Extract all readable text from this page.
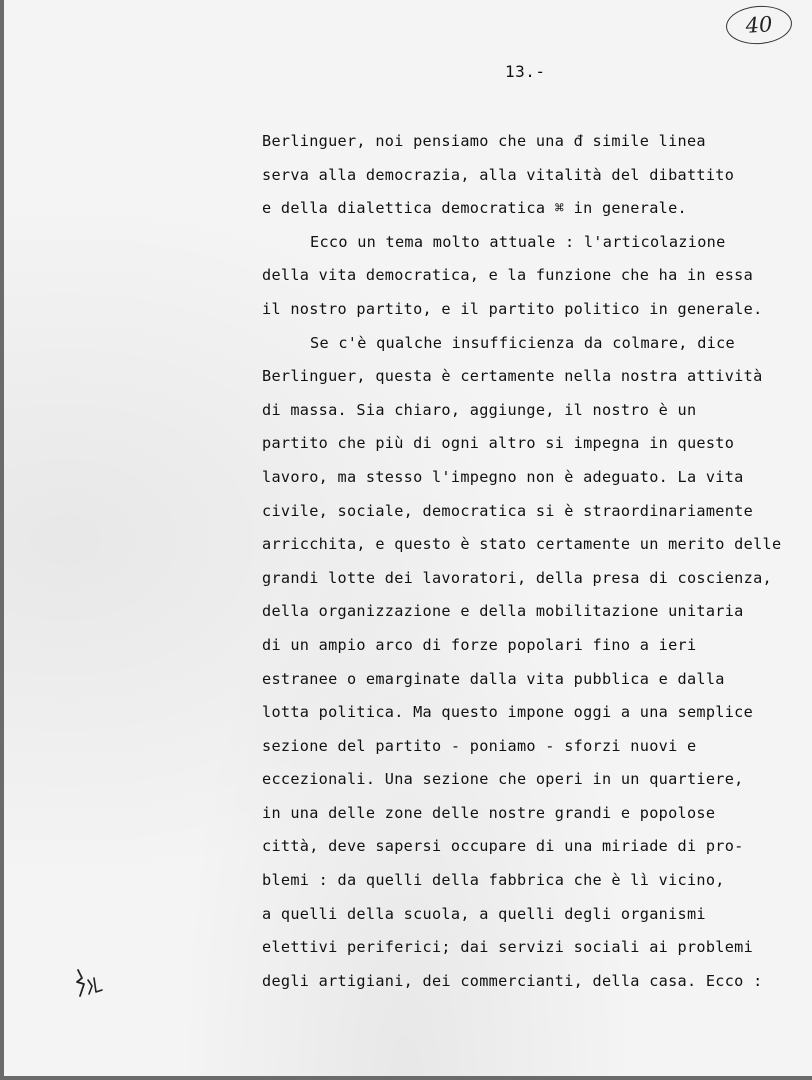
40
13.-
Berlinguer, noi pensiamo che una đ simile linea
serva alla democrazia, alla vitalità del dibattito
e della dialettica democratica ⌘ in generale.
Ecco un tema molto attuale : l'articolazione
della vita democratica, e la funzione che ha in essa
il nostro partito, e il partito politico in generale.
Se c'è qualche insufficienza da colmare, dice
Berlinguer, questa è certamente nella nostra attività
di massa. Sia chiaro, aggiunge, il nostro è un
partito che più di ogni altro si impegna in questo
lavoro, ma stesso l'impegno non è adeguato. La vita
civile, sociale, democratica si è straordinariamente
arricchita, e questo è stato certamente un merito delle
grandi lotte dei lavoratori, della presa di coscienza,
della organizzazione e della mobilitazione unitaria
di un ampio arco di forze popolari fino a ieri
estranee o emarginate dalla vita pubblica e dalla
lotta politica. Ma questo impone oggi a una semplice
sezione del partito - poniamo - sforzi nuovi e
eccezionali. Una sezione che operi in un quartiere,
in una delle zone delle nostre grandi e popolose
città, deve sapersi occupare di una miriade di pro-
blemi : da quelli della fabbrica che è lì vicino,
a quelli della scuola, a quelli degli organismi
elettivi periferici; dai servizi sociali ai problemi
degli artigiani, dei commercianti, della casa. Ecco :
